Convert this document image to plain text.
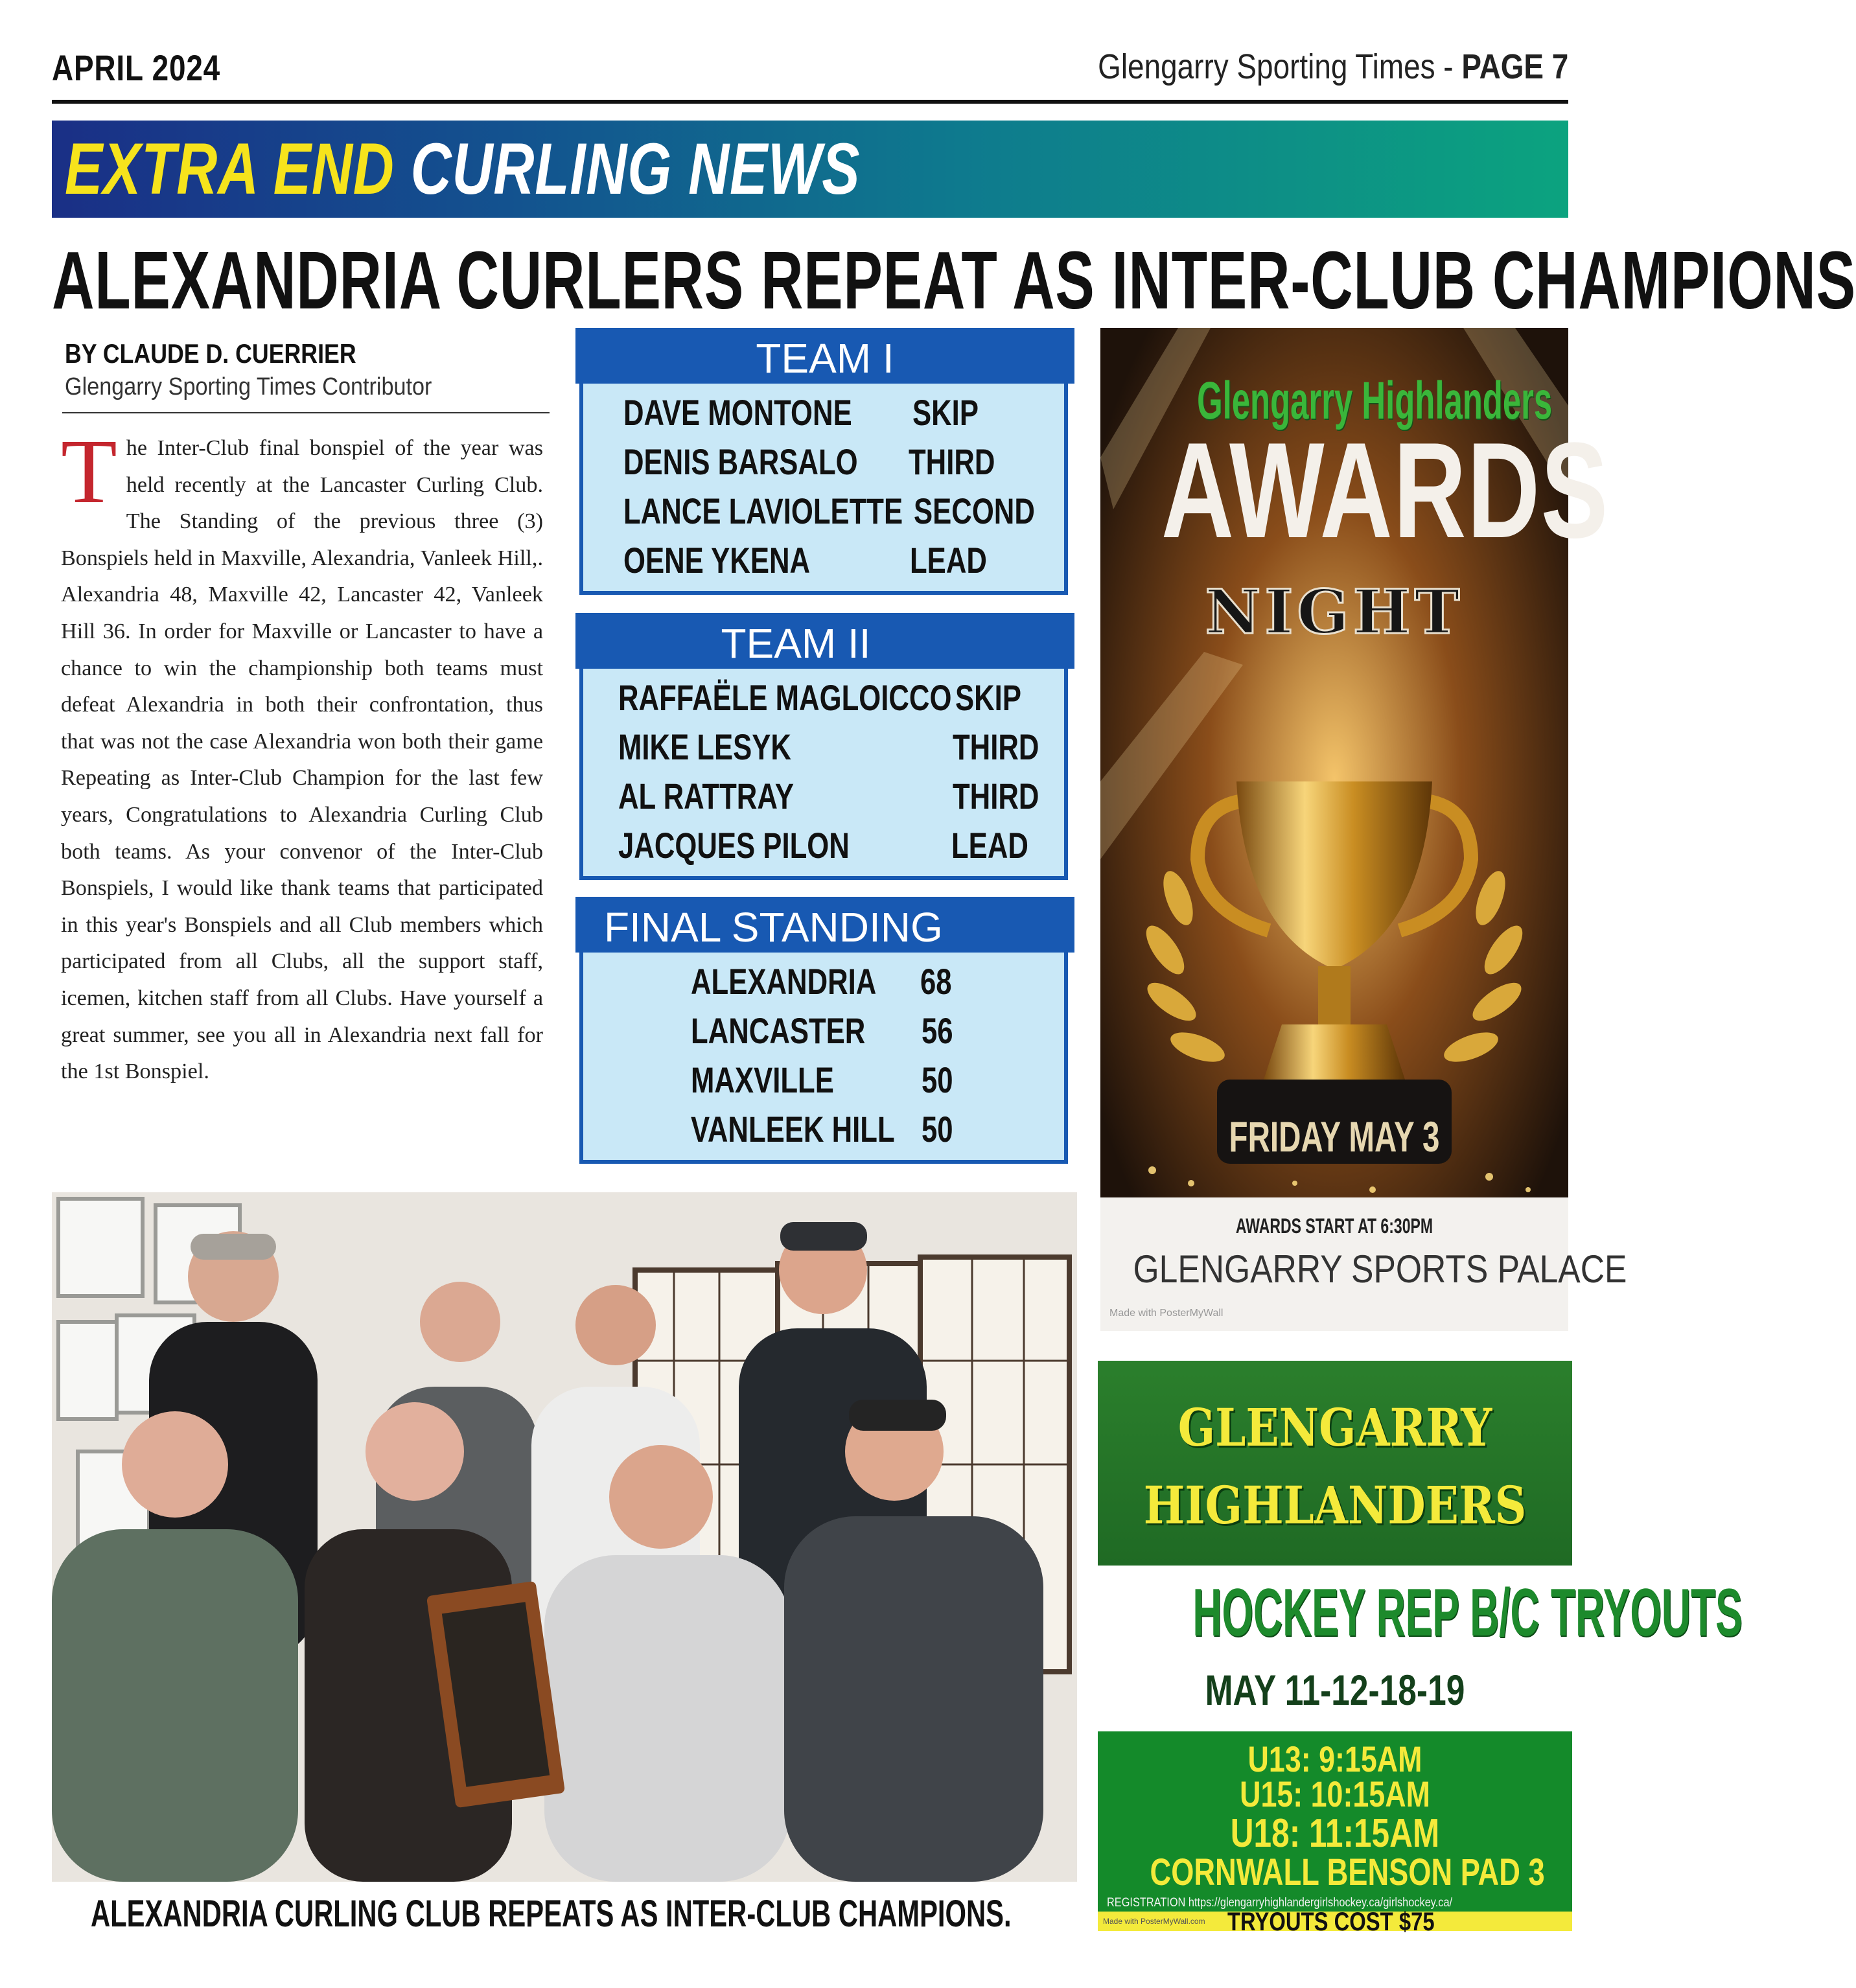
APRIL 2024	Glengarry Sporting Times - PAGE 7
EXTRA END CURLING NEWS
ALEXANDRIA CURLERS REPEAT AS INTER-CLUB CHAMPIONS
BY CLAUDE D. CUERRIER
Glengarry Sporting Times Contributor
The Inter-Club final bonspiel of the year was held recently at the Lancaster Curling Club. The Standing of the previous three (3) Bonspiels held in Maxville, Alexandria, Vanleek Hill,. Alexandria 48, Maxville 42, Lancaster 42, Vanleek Hill 36. In order for Maxville or Lancaster to have a chance to win the championship both teams must defeat Alexandria in both their confrontation, thus that was not the case Alexandria won both their game Repeating as Inter-Club Champion for the last few years, Congratulations to Alexandria Curling Club both teams. As your convenor of the Inter-Club Bonspiels, I would like thank teams that participated in this year's Bonspiels and all Club members which participated from all Clubs, all the support staff, icemen, kitchen staff from all Clubs. Have yourself a great summer, see you all in Alexandria next fall for the 1st Bonspiel.
TEAM I
DAVE MONTONE SKIP
DENIS BARSALO THIRD
LANCE LAVIOLETTE SECOND
OENE YKENA	LEAD
TEAM II
RAFFAËLE MAGLOICCO SKIP
MIKE LESYK	THIRD
AL RATTRAY	THIRD
JACQUES PILON	LEAD
FINAL STANDING
ALEXANDRIA 68
LANCASTER 56
MAXVILLE 50
VANLEEK HILL 50
Glengarry Highlanders
AWARDS
NIGHT
FRIDAY MAY 3
AWARDS START AT 6:30PM
GLENGARRY SPORTS PALACE
Made with PosterMyWall
GLENGARRY
HIGHLANDERS
HOCKEY REP B/C TRYOUTS
MAY 11-12-18-19
U13: 9:15AM
U15: 10:15AM
U18: 11:15AM
CORNWALL BENSON PAD 3
REGISTRATION https://glengarryhighlandergirlshockey.ca/girlshockey.ca/
Made with PosterMyWall.com TRYOUTS COST $75
ALEXANDRIA CURLING CLUB REPEATS AS INTER-CLUB CHAMPIONS.
